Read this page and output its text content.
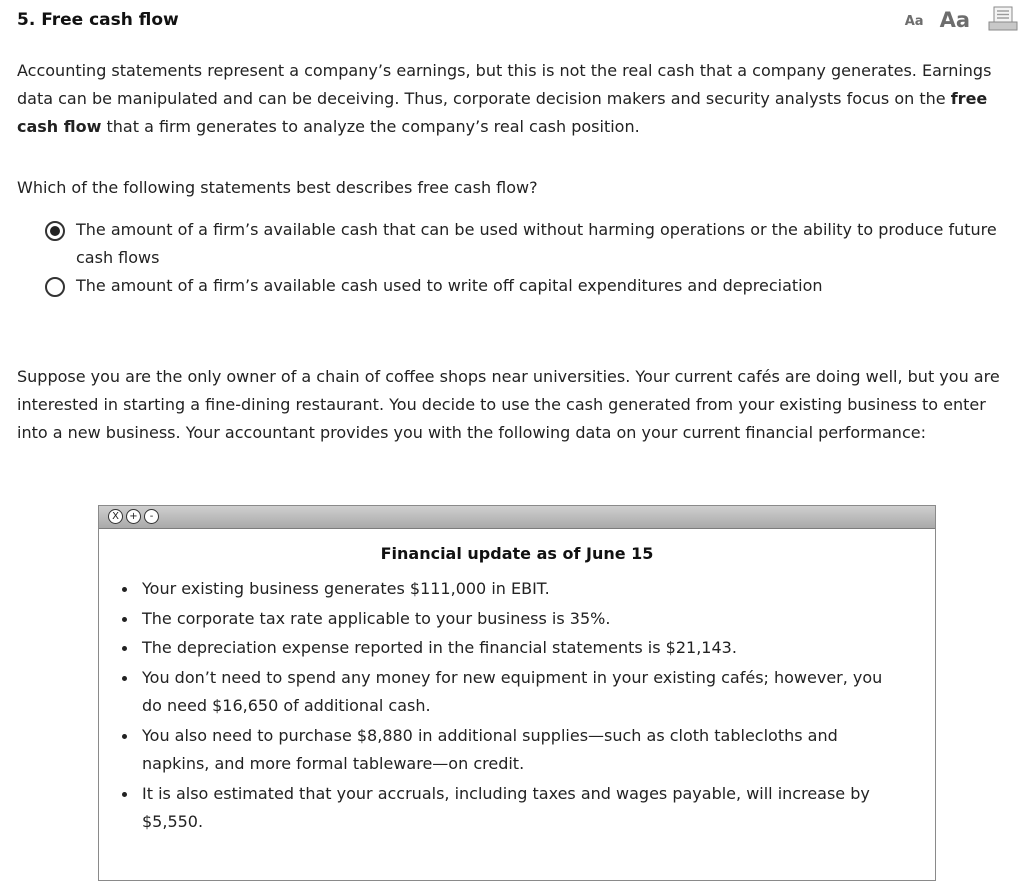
5. Free cash flow	Aa Aa

Accounting statements represent a company’s earnings, but this is not the real cash that a company generates. Earnings data can be manipulated and can be deceiving. Thus, corporate decision makers and security analysts focus on the free cash flow that a firm generates to analyze the company’s real cash position.

Which of the following statements best describes free cash flow?

The amount of a firm’s available cash that can be used without harming operations or the ability to produce future cash flows
The amount of a firm’s available cash used to write off capital expenditures and depreciation

Suppose you are the only owner of a chain of coffee shops near universities. Your current cafés are doing well, but you are interested in starting a fine-dining restaurant. You decide to use the cash generated from your existing business to enter into a new business. Your accountant provides you with the following data on your current financial performance:

X	+	-
Financial update as of June 15
Your existing business generates $111,000 in EBIT.
The corporate tax rate applicable to your business is 35%.
The depreciation expense reported in the financial statements is $21,143.
You don’t need to spend any money for new equipment in your existing cafés; however, you do need $16,650 of additional cash.
You also need to purchase $8,880 in additional supplies—such as cloth tablecloths and napkins, and more formal tableware—on credit.
It is also estimated that your accruals, including taxes and wages payable, will increase by $5,550.
